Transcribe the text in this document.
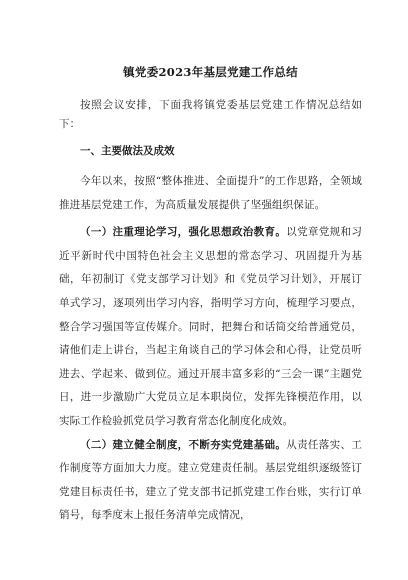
镇党委2023年基层党建工作总结

按照会议安排，下面我将镇党委基层党建工作情况总结如下：

一、主要做法及成效

今年以来，按照“整体推进、全面提升”的工作思路，全领域推进基层党建工作，为高质量发展提供了坚强组织保证。

（一）注重理论学习，强化思想政治教育。以党章党规和习近平新时代中国特色社会主义思想的常态学习、巩固提升为基础，年初制订《党支部学习计划》和《党员学习计划》，开展订单式学习，逐项列出学习内容，指明学习方向，梳理学习要点，整合学习强国等宣传媒介。同时，把舞台和话筒交给普通党员，请他们走上讲台，当起主角谈自己的学习体会和心得，让党员听进去、学起来、做到位。通过开展丰富多彩的“三会一课”主题党日，进一步激励广大党员立足本职岗位，发挥先锋模范作用，以实际工作检验抓党员学习教育常态化制度化成效。

（二）建立健全制度，不断夯实党建基础。从责任落实、工作制度等方面加大力度。建立党建责任制。基层党组织逐级签订党建目标责任书，建立了党支部书记抓党建工作台账，实行订单销号，每季度末上报任务清单完成情况，
